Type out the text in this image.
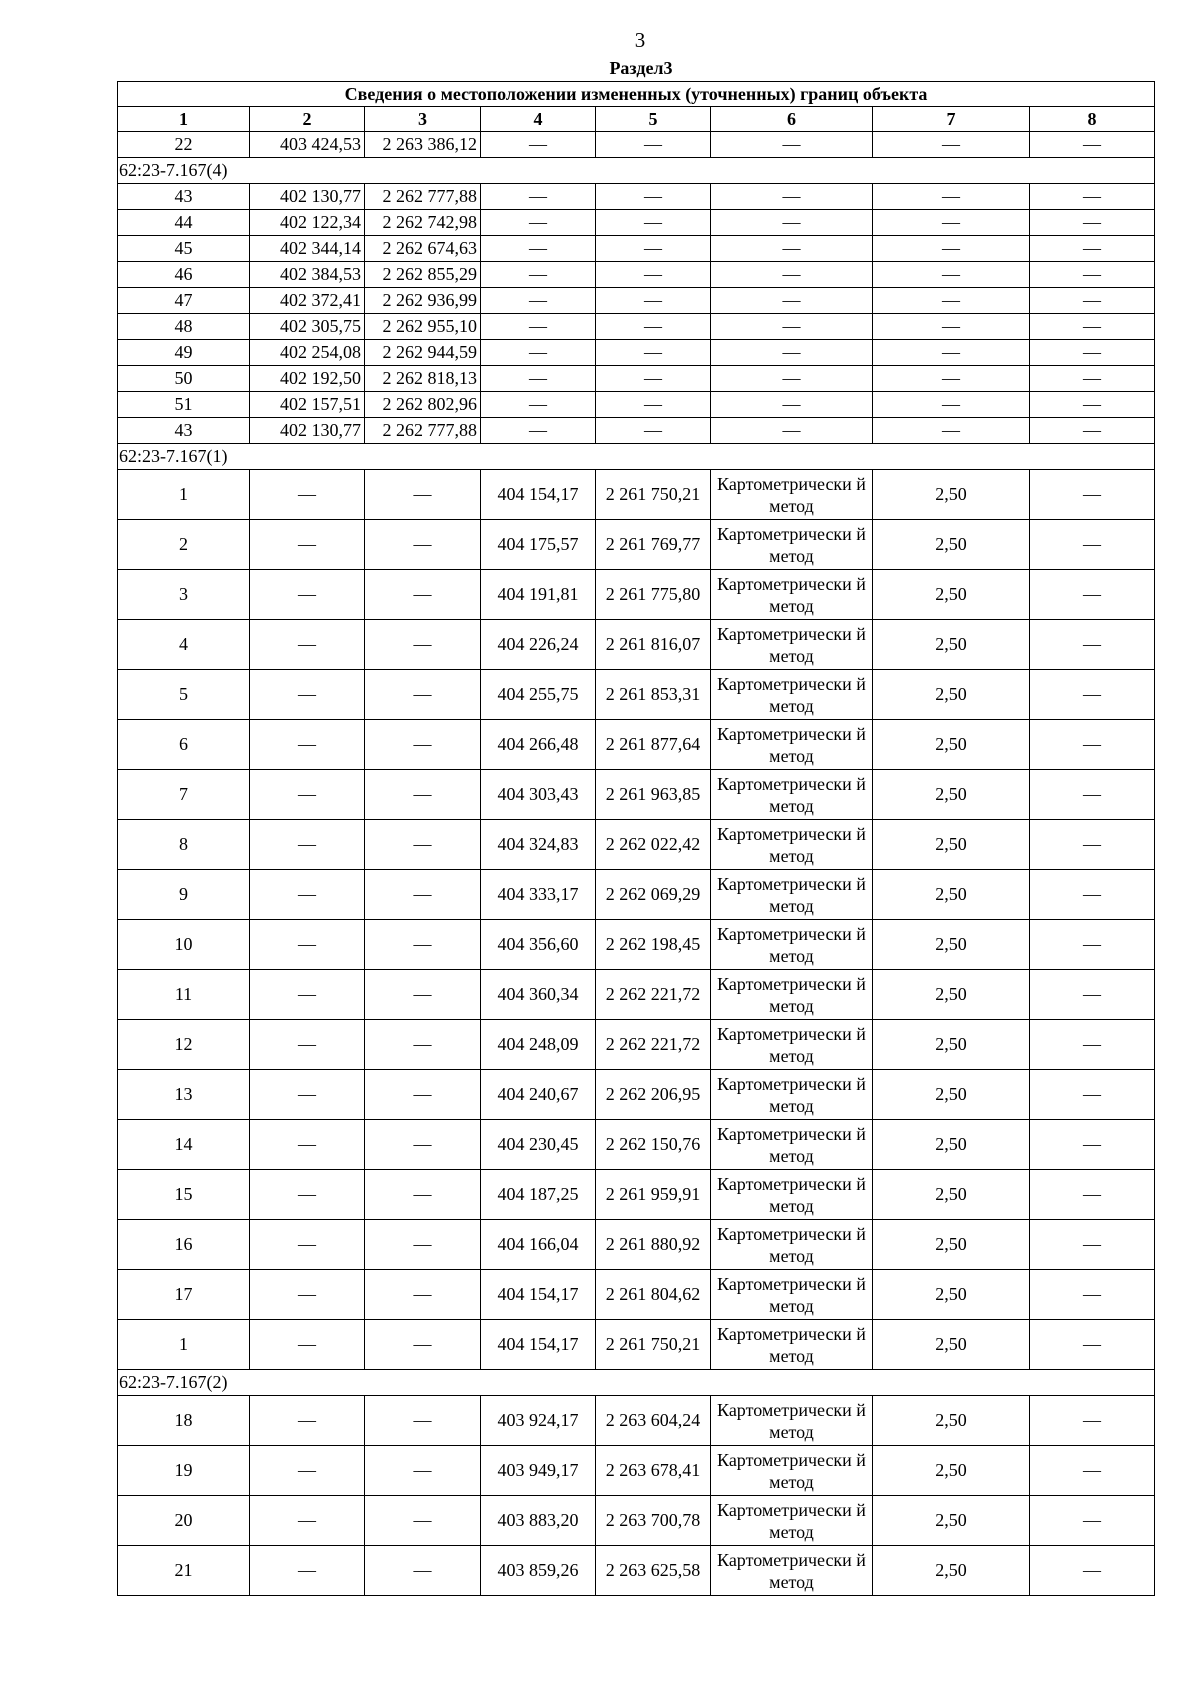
3
Раздел3
Сведения о местоположении измененных (уточненных) границ объекта							
1	2	3	4	5	6	7	8
22	403 424,53	2 263 386,12	—	—	—	—	—
62:23-7.167(4)							
43	402 130,77	2 262 777,88	—	—	—	—	—
44	402 122,34	2 262 742,98	—	—	—	—	—
45	402 344,14	2 262 674,63	—	—	—	—	—
46	402 384,53	2 262 855,29	—	—	—	—	—
47	402 372,41	2 262 936,99	—	—	—	—	—
48	402 305,75	2 262 955,10	—	—	—	—	—
49	402 254,08	2 262 944,59	—	—	—	—	—
50	402 192,50	2 262 818,13	—	—	—	—	—
51	402 157,51	2 262 802,96	—	—	—	—	—
43	402 130,77	2 262 777,88	—	—	—	—	—
62:23-7.167(1)							
1	—	—	404 154,17	2 261 750,21	Картометрически й метод	2,50	—
2	—	—	404 175,57	2 261 769,77	Картометрически й метод	2,50	—
3	—	—	404 191,81	2 261 775,80	Картометрически й метод	2,50	—
4	—	—	404 226,24	2 261 816,07	Картометрически й метод	2,50	—
5	—	—	404 255,75	2 261 853,31	Картометрически й метод	2,50	—
6	—	—	404 266,48	2 261 877,64	Картометрически й метод	2,50	—
7	—	—	404 303,43	2 261 963,85	Картометрически й метод	2,50	—
8	—	—	404 324,83	2 262 022,42	Картометрически й метод	2,50	—
9	—	—	404 333,17	2 262 069,29	Картометрически й метод	2,50	—
10	—	—	404 356,60	2 262 198,45	Картометрически й метод	2,50	—
11	—	—	404 360,34	2 262 221,72	Картометрически й метод	2,50	—
12	—	—	404 248,09	2 262 221,72	Картометрически й метод	2,50	—
13	—	—	404 240,67	2 262 206,95	Картометрически й метод	2,50	—
14	—	—	404 230,45	2 262 150,76	Картометрически й метод	2,50	—
15	—	—	404 187,25	2 261 959,91	Картометрически й метод	2,50	—
16	—	—	404 166,04	2 261 880,92	Картометрически й метод	2,50	—
17	—	—	404 154,17	2 261 804,62	Картометрически й метод	2,50	—
1	—	—	404 154,17	2 261 750,21	Картометрически й метод	2,50	—
62:23-7.167(2)							
18	—	—	403 924,17	2 263 604,24	Картометрически й метод	2,50	—
19	—	—	403 949,17	2 263 678,41	Картометрически й метод	2,50	—
20	—	—	403 883,20	2 263 700,78	Картометрически й метод	2,50	—
21	—	—	403 859,26	2 263 625,58	Картометрически й метод	2,50	—
